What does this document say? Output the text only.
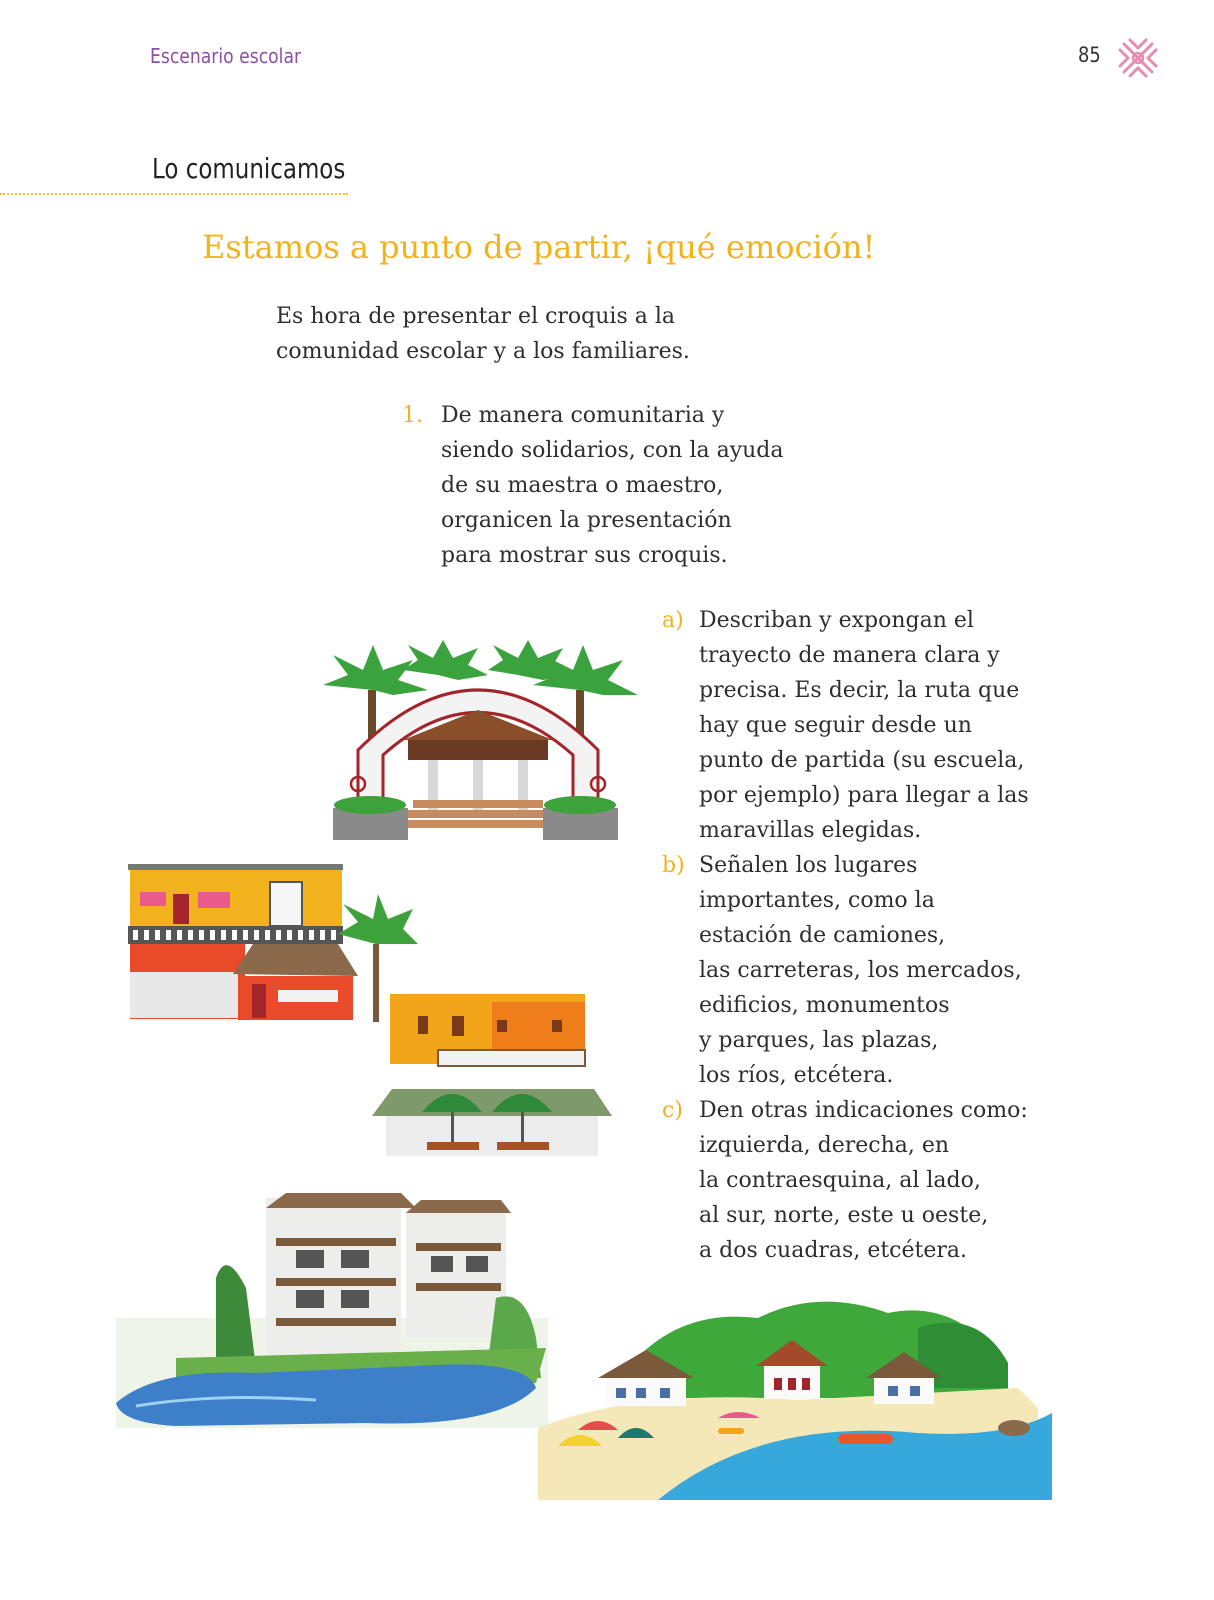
Escenario escolar	85
Lo comunicamos
Estamos a punto de partir, ¡qué emoción!
Es hora de presentar el croquis a la
comunidad escolar y a los familiares.
1. De manera comunitaria y
siendo solidarios, con la ayuda
de su maestra o maestro,
organicen la presentación
para mostrar sus croquis.
a) Describan y expongan el
trayecto de manera clara y
precisa. Es decir, la ruta que
hay que seguir desde un
punto de partida (su escuela,
por ejemplo) para llegar a las
maravillas elegidas.
b) Señalen los lugares
importantes, como la
estación de camiones,
las carreteras, los mercados,
edificios, monumentos
y parques, las plazas,
los ríos, etcétera.
c) Den otras indicaciones como:
izquierda, derecha, en
la contraesquina, al lado,
al sur, norte, este u oeste,
a dos cuadras, etcétera.
